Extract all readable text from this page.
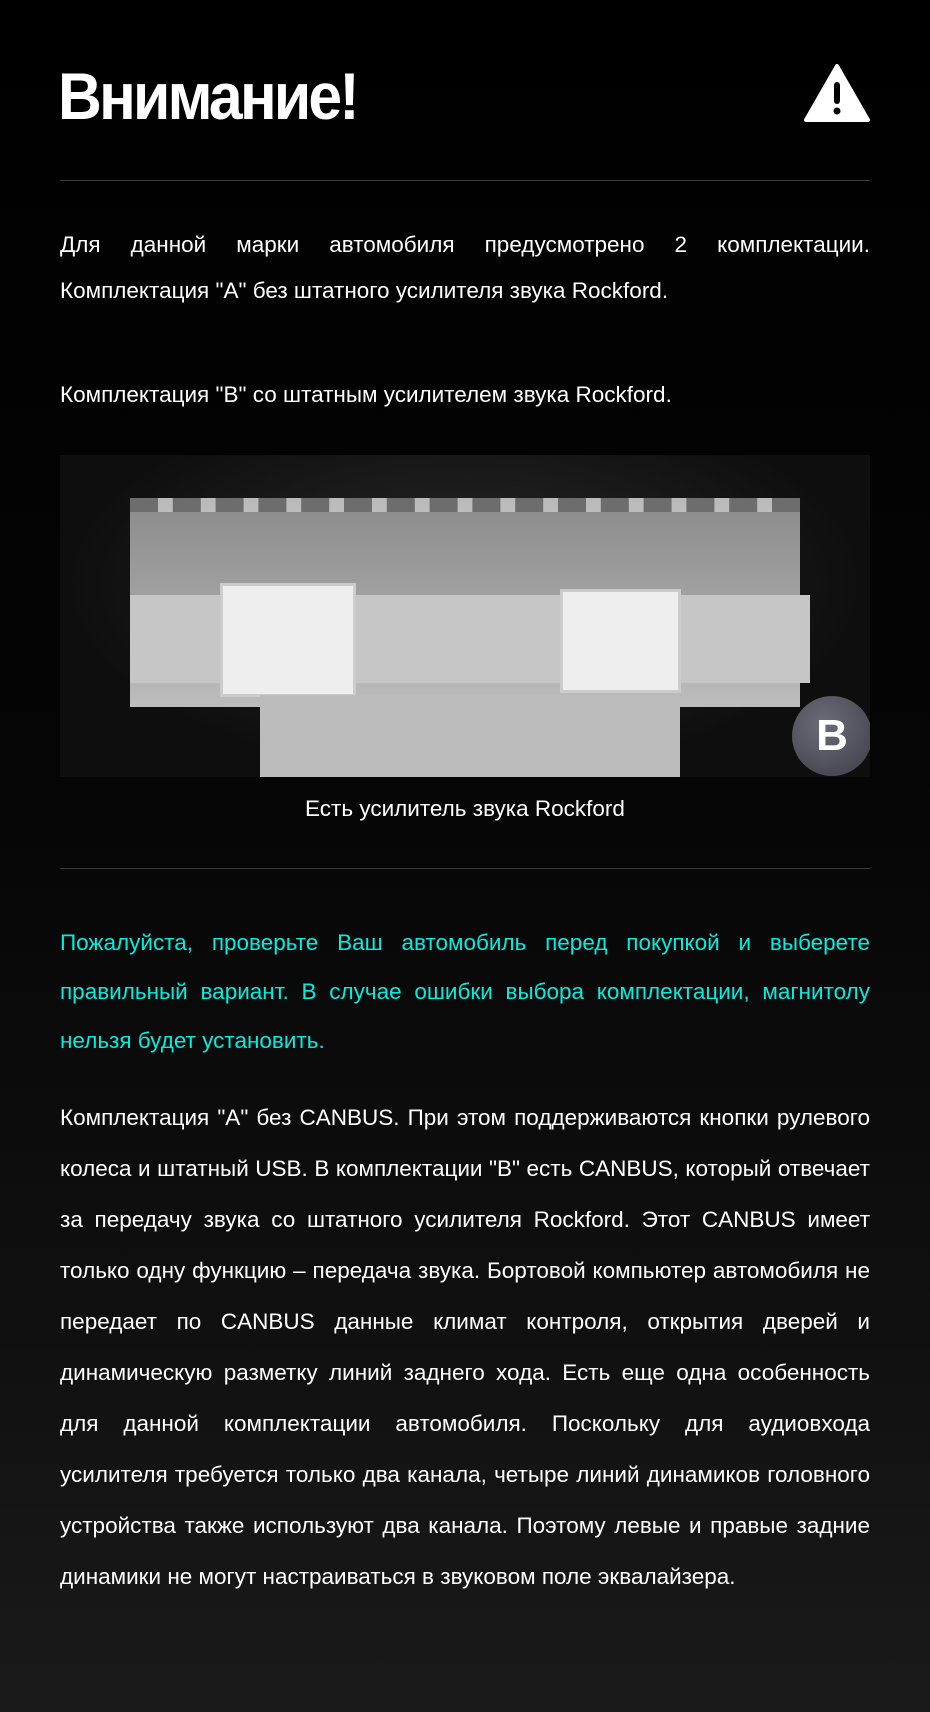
Внимание!

Для данной марки автомобиля предусмотрено 2 комплектации. Комплектация "A" без штатного усилителя звука Rockford.

Комплектация "B" со штатным усилителем звука Rockford.

B
Есть усилитель звука Rockford

Пожалуйста, проверьте Ваш автомобиль перед покупкой и выберете правильный вариант. В случае ошибки выбора комплектации, магнитолу нельзя будет установить.

Комплектация "A" без CANBUS. При этом поддерживаются кнопки рулевого колеса и штатный USB. В комплектации "B" есть CANBUS, который отвечает за передачу звука со штатного усилителя Rockford. Этот CANBUS имеет только одну функцию – передача звука. Бортовой компьютер автомобиля не передает по CANBUS данные климат контроля, открытия дверей и динамическую разметку линий заднего хода. Есть еще одна особенность для данной комплектации автомобиля. Поскольку для аудиовхода усилителя требуется только два канала, четыре линий динамиков головного устройства также используют два канала. Поэтому левые и правые задние динамики не могут настраиваться в звуковом поле эквалайзера.
